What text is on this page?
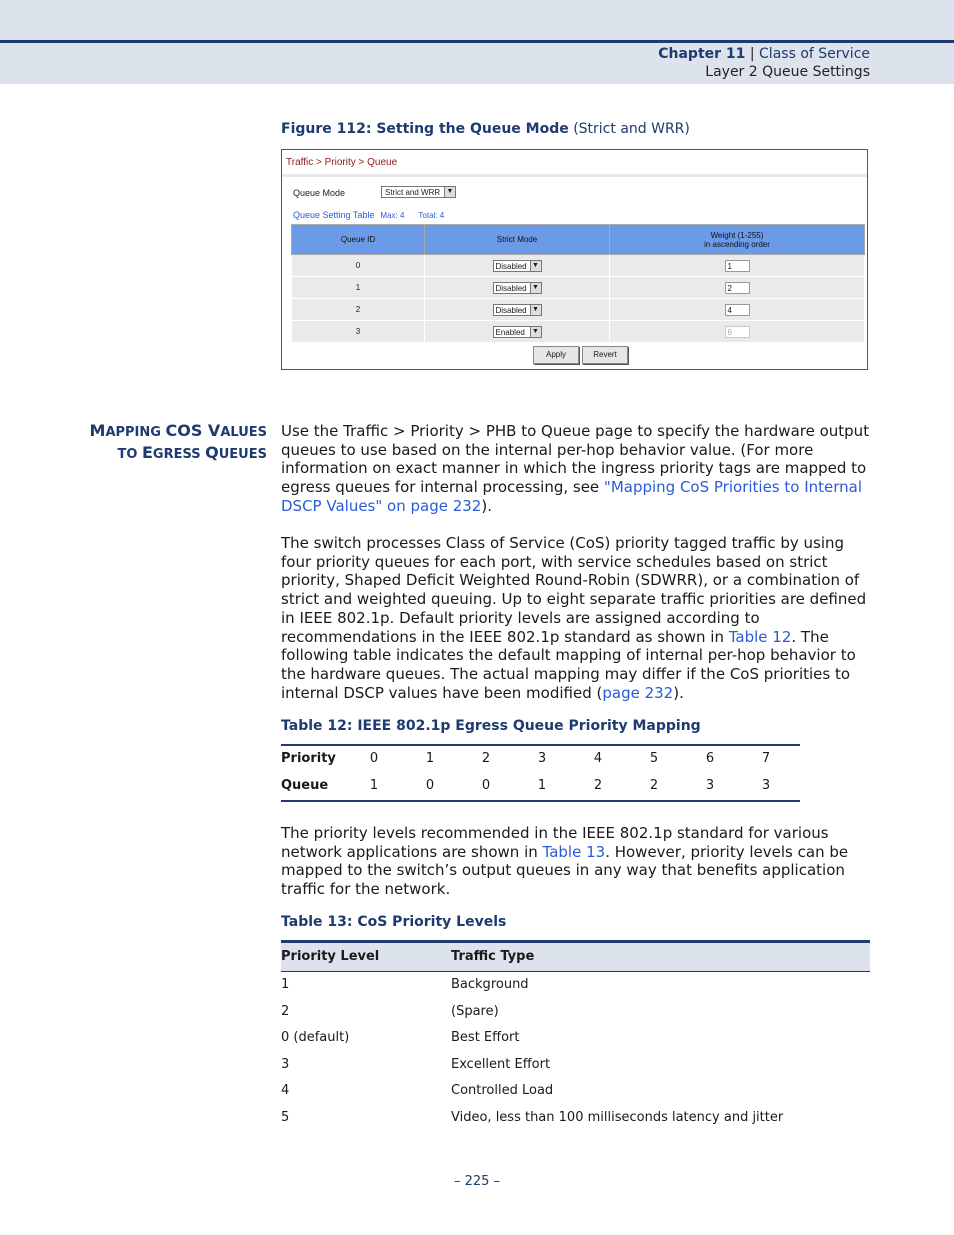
Chapter 11 | Class of Service
Layer 2 Queue Settings
Figure 112: Setting the Queue Mode (Strict and WRR)
Traffic > Priority > Queue
Queue Mode	Strict and WRR ▼
Queue Setting Table Max: 4 Total: 4
Queue ID	Strict Mode	Weight (1-255)
in ascending order

0	Disabled ▼	1
1	Disabled ▼	2
2	Disabled ▼	4
3	Enabled ▼	6
Apply	Revert
MAPPING COS VALUES
TO EGRESS QUEUES

Use the Traffic > Priority > PHB to Queue page to specify the hardware output queues to use based on the internal per-hop behavior value. (For more information on exact manner in which the ingress priority tags are mapped to egress queues for internal processing, see "Mapping CoS Priorities to Internal DSCP Values" on page 232).

The switch processes Class of Service (CoS) priority tagged traffic by using four priority queues for each port, with service schedules based on strict priority, Shaped Deficit Weighted Round-Robin (SDWRR), or a combination of strict and weighted queuing. Up to eight separate traffic priorities are defined in IEEE 802.1p. Default priority levels are assigned according to recommendations in the IEEE 802.1p standard as shown in Table 12. The following table indicates the default mapping of internal per-hop behavior to the hardware queues. The actual mapping may differ if the CoS priorities to internal DSCP values have been modified (page 232).

Table 12: IEEE 802.1p Egress Queue Priority Mapping
Priority	0	1	2	3	4	5	6	7
Queue	1	0	0	1	2	2	3	3

The priority levels recommended in the IEEE 802.1p standard for various network applications are shown in Table 13. However, priority levels can be mapped to the switch’s output queues in any way that benefits application traffic for the network.

Table 13: CoS Priority Levels
Priority Level	Traffic Type
1	Background
2	(Spare)
0 (default)	Best Effort
3	Excellent Effort
4	Controlled Load
5	Video, less than 100 milliseconds latency and jitter
– 225 –
